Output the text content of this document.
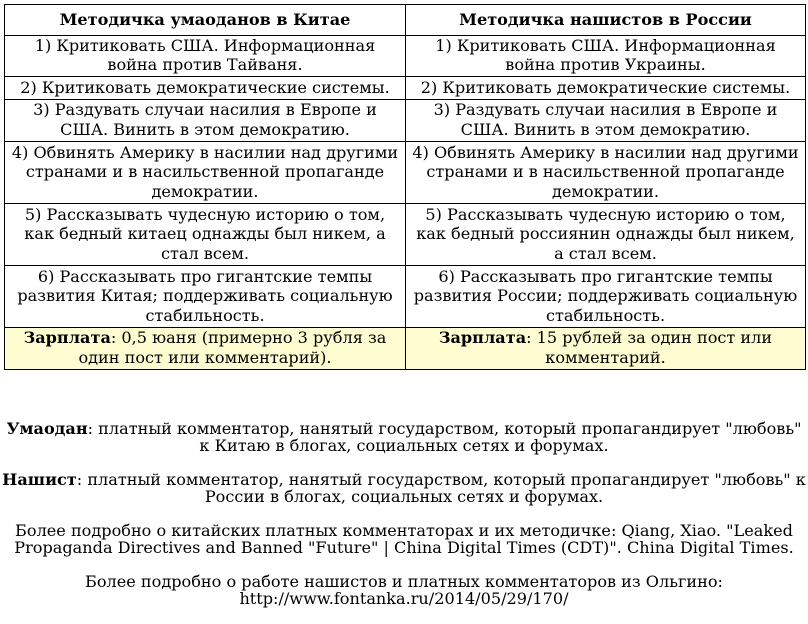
Методичка умаоданов в Китае	Методичка нашистов в России
1) Критиковать США. Информационная война против Тайваня.	1) Критиковать США. Информационная война против Украины.
2) Критиковать демократические системы.	2) Критиковать демократические системы.
3) Раздувать случаи насилия в Европе и США. Винить в этом демократию.	3) Раздувать случаи насилия в Европе и США. Винить в этом демократию.
4) Обвинять Америку в насилии над другими странами и в насильственной пропаганде демократии.	4) Обвинять Америку в насилии над другими странами и в насильственной пропаганде демократии.
5) Рассказывать чудесную историю о том, как бедный китаец однажды был никем, а стал всем.	5) Рассказывать чудесную историю о том, как бедный россиянин однажды был никем, а стал всем.
6) Рассказывать про гигантские темпы развития Китая; поддерживать социальную стабильность.	6) Рассказывать про гигантские темпы развития России; поддерживать социальную стабильность.
Зарплата: 0,5 юаня (примерно 3 рубля за один пост или комментарий).	Зарплата: 15 рублей за один пост или комментарий.

Умаодан: платный комментатор, нанятый государством, который пропагандирует "любовь" к Китаю в блогах, социальных сетях и форумах.

Нашист: платный комментатор, нанятый государством, который пропагандирует "любовь" к России в блогах, социальных сетях и форумах.

Более подробно о китайских платных комментаторах и их методичке: Qiang, Xiao. "Leaked Propaganda Directives and Banned "Future" | China Digital Times (CDT)". China Digital Times.

Более подробно о работе нашистов и платных комментаторов из Ольгино:
http://www.fontanka.ru/2014/05/29/170/
